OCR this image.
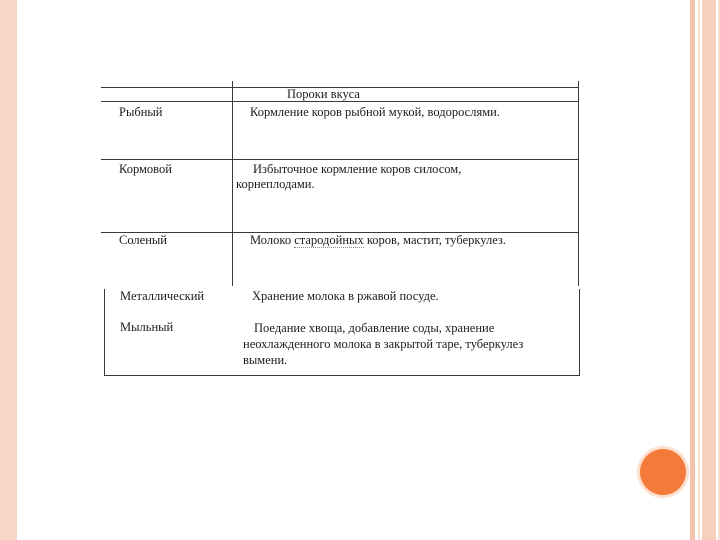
Пороки вкуса
Рыбный	Кормление коров рыбной мукой, водорослями.
Кормовой	Избыточное кормление коров силосом,
корнеплодами.
Соленый	Молоко стародойных коров, мастит, туберкулез.
Металлический	Хранение молока в ржавой посуде.
Мыльный	Поедание хвоща, добавление соды, хранение
неохлажденного молока в закрытой таре, туберкулез
вымени.
